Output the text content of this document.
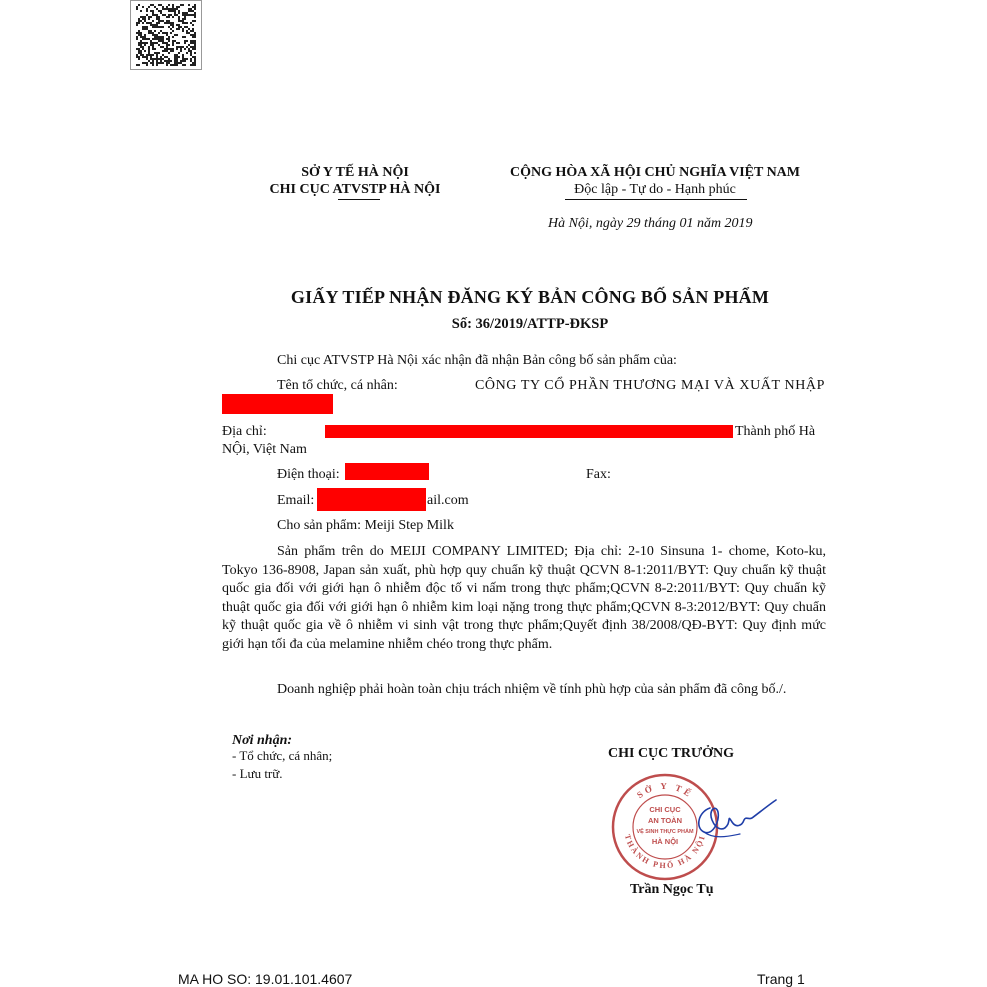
SỞ Y TẾ HÀ NỘI
CHI CỤC ATVSTP HÀ NỘI
CỘNG HÒA XÃ HỘI CHỦ NGHĨA VIỆT NAM
Độc lập - Tự do - Hạnh phúc
Hà Nội, ngày 29 tháng 01 năm 2019
GIẤY TIẾP NHẬN ĐĂNG KÝ BẢN CÔNG BỐ SẢN PHẨM
Số: 36/2019/ATTP-ĐKSP
Chi cục ATVSTP Hà Nội xác nhận đã nhận Bản công bố sản phẩm của:
Tên tổ chức, cá nhân:	CÔNG TY CỔ PHẦN THƯƠNG MẠI VÀ XUẤT NHẬP
Địa chỉ:	Thành phố Hà
NỘi, Việt Nam
Điện thoại:	Fax:
Email:	ail.com
Cho sản phẩm: Meiji Step Milk
Sản phẩm trên do MEIJI COMPANY LIMITED; Địa chỉ: 2-10 Sinsuna 1- chome, Koto-ku, Tokyo 136-8908, Japan sản xuất, phù hợp quy chuẩn kỹ thuật QCVN 8-1:2011/BYT: Quy chuẩn kỹ thuật quốc gia đối với giới hạn ô nhiễm độc tố vi nấm trong thực phẩm;QCVN 8-2:2011/BYT: Quy chuẩn kỹ thuật quốc gia đối với giới hạn ô nhiễm kim loại nặng trong thực phẩm;QCVN 8-3:2012/BYT: Quy chuẩn kỹ thuật quốc gia về ô nhiễm vi sinh vật trong thực phẩm;Quyết định 38/2008/QĐ-BYT: Quy định mức giới hạn tối đa của melamine nhiễm chéo trong thực phẩm.
Doanh nghiệp phải hoàn toàn chịu trách nhiệm về tính phù hợp của sản phẩm đã công bố./.
Nơi nhận:
- Tổ chức, cá nhân;
- Lưu trữ.
CHI CỤC TRƯỞNG
SỞ Y TẾ
THÀNH PHỐ HÀ NỘI
CHI CỤC
AN TOÀN
VỆ SINH THỰC PHẨM
HÀ NỘI
Trần Ngọc Tụ
MA HO SO: 19.01.101.4607	Trang 1
